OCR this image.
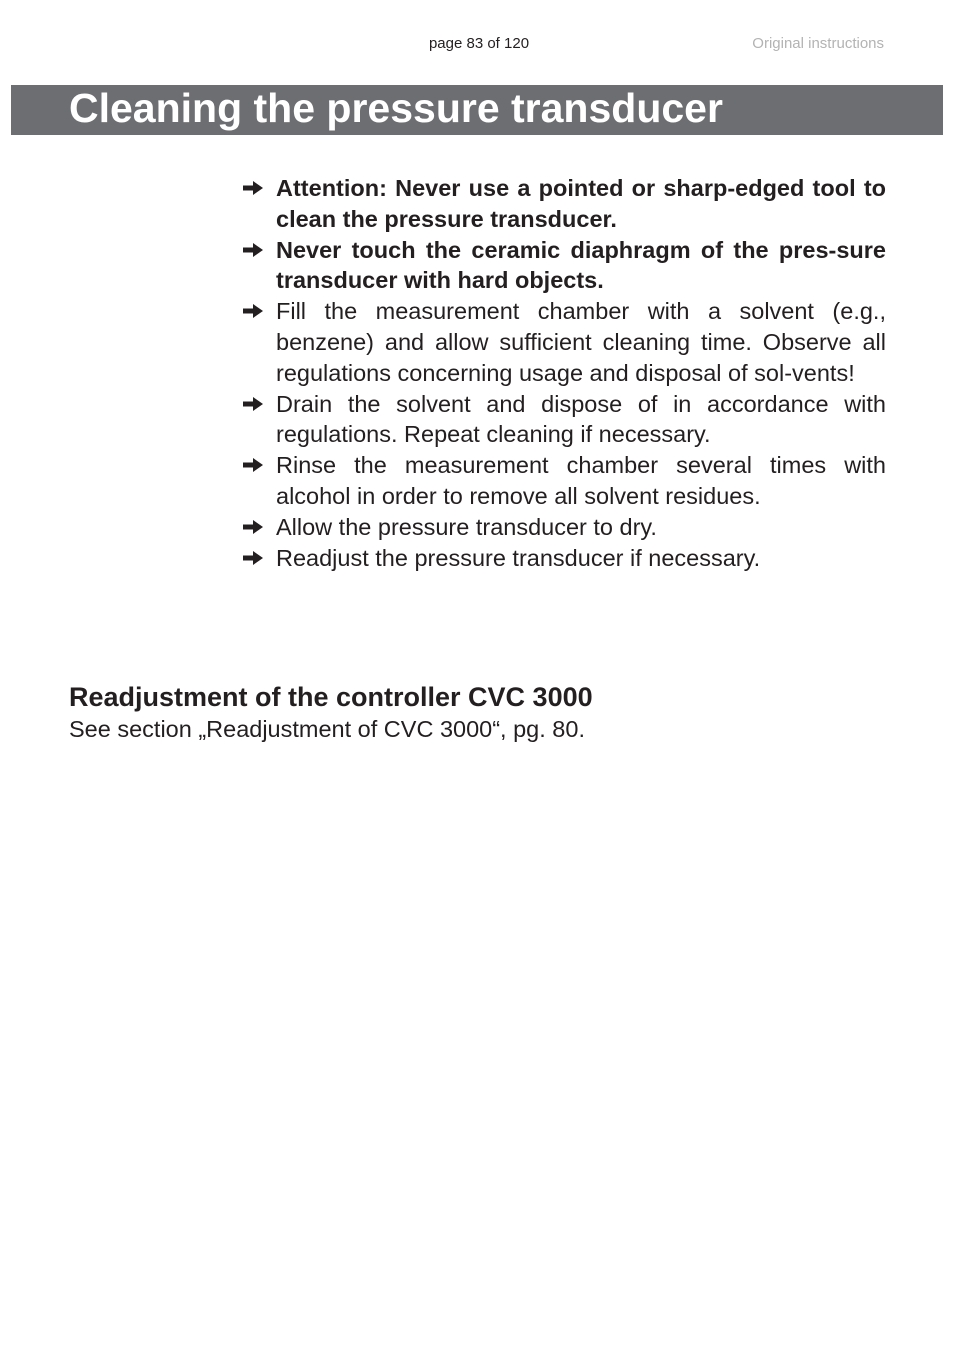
page 83 of 120	Original instructions
Cleaning the pressure transducer
Attention: Never use a pointed or sharp-edged tool to clean the pressure transducer.
Never touch the ceramic diaphragm of the pres-sure transducer with hard objects.
Fill the measurement chamber with a solvent (e.g., benzene) and allow sufficient cleaning time. Observe all regulations concerning usage and disposal of sol-vents!
Drain the solvent and dispose of in accordance with regulations. Repeat cleaning if necessary.
Rinse the measurement chamber several times with alcohol in order to remove all solvent residues.
Allow the pressure transducer to dry.
Readjust the pressure transducer if necessary.
Readjustment of the controller CVC 3000

See section „Readjustment of CVC 3000“, pg. 80.
